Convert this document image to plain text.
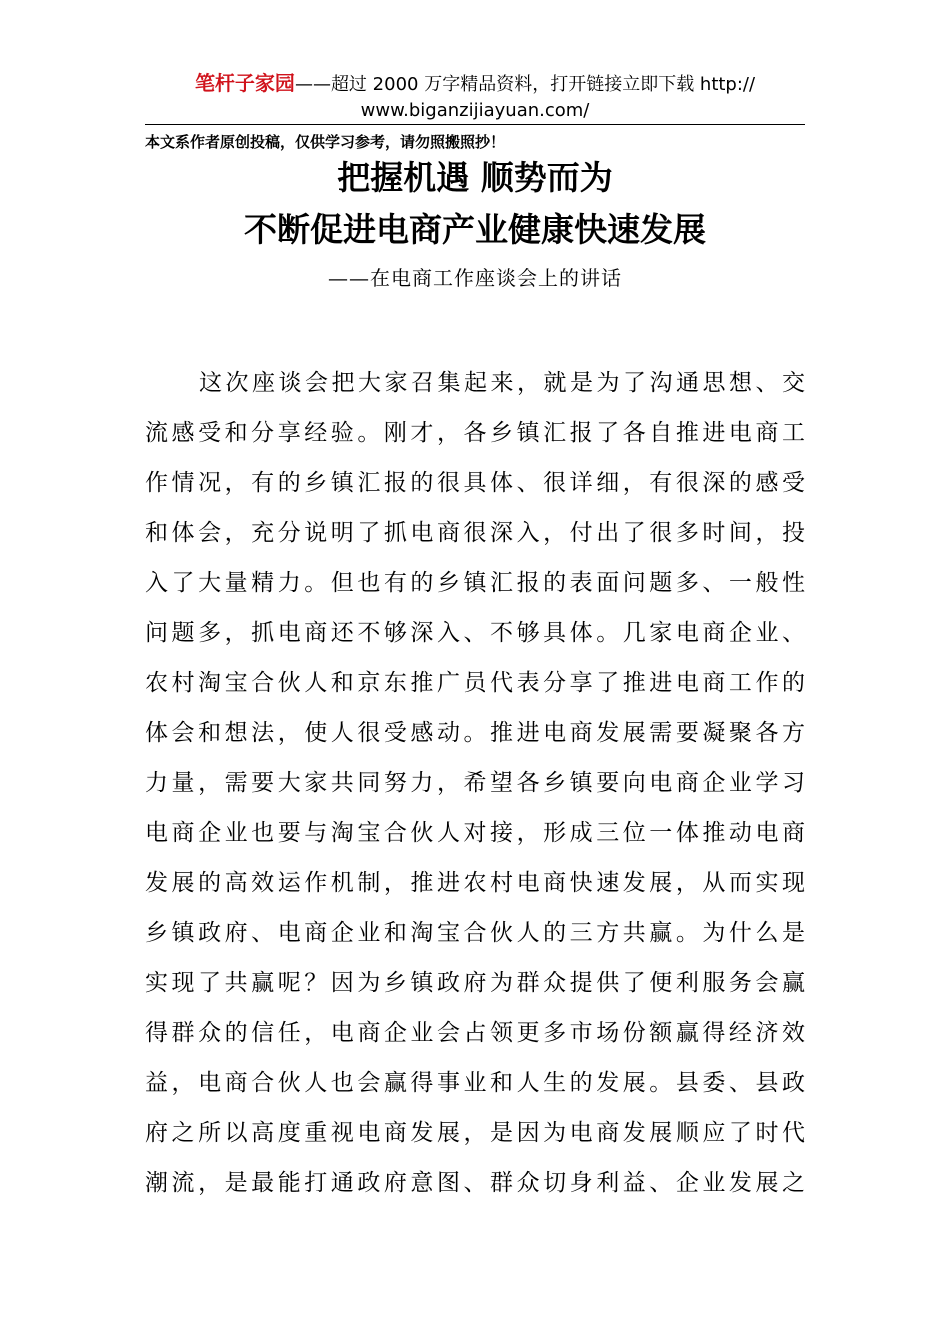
笔杆子家园——超过 2000 万字精品资料，打开链接立即下载 http://
www.biganzijiayuan.com/
本文系作者原创投稿，仅供学习参考，请勿照搬照抄！
把握机遇 顺势而为
不断促进电商产业健康快速发展
——在电商工作座谈会上的讲话
这次座谈会把大家召集起来，就是为了沟通思想、交
流感受和分享经验。刚才，各乡镇汇报了各自推进电商工
作情况，有的乡镇汇报的很具体、很详细，有很深的感受
和体会，充分说明了抓电商很深入，付出了很多时间，投
入了大量精力。但也有的乡镇汇报的表面问题多、一般性
问题多，抓电商还不够深入、不够具体。几家电商企业、
农村淘宝合伙人和京东推广员代表分享了推进电商工作的
体会和想法，使人很受感动。推进电商发展需要凝聚各方
力量，需要大家共同努力，希望各乡镇要向电商企业学习
电商企业也要与淘宝合伙人对接，形成三位一体推动电商
发展的高效运作机制，推进农村电商快速发展，从而实现
乡镇政府、电商企业和淘宝合伙人的三方共赢。为什么是
实现了共赢呢？因为乡镇政府为群众提供了便利服务会赢
得群众的信任，电商企业会占领更多市场份额赢得经济效
益，电商合伙人也会赢得事业和人生的发展。县委、县政
府之所以高度重视电商发展，是因为电商发展顺应了时代
潮流，是最能打通政府意图、群众切身利益、企业发展之
